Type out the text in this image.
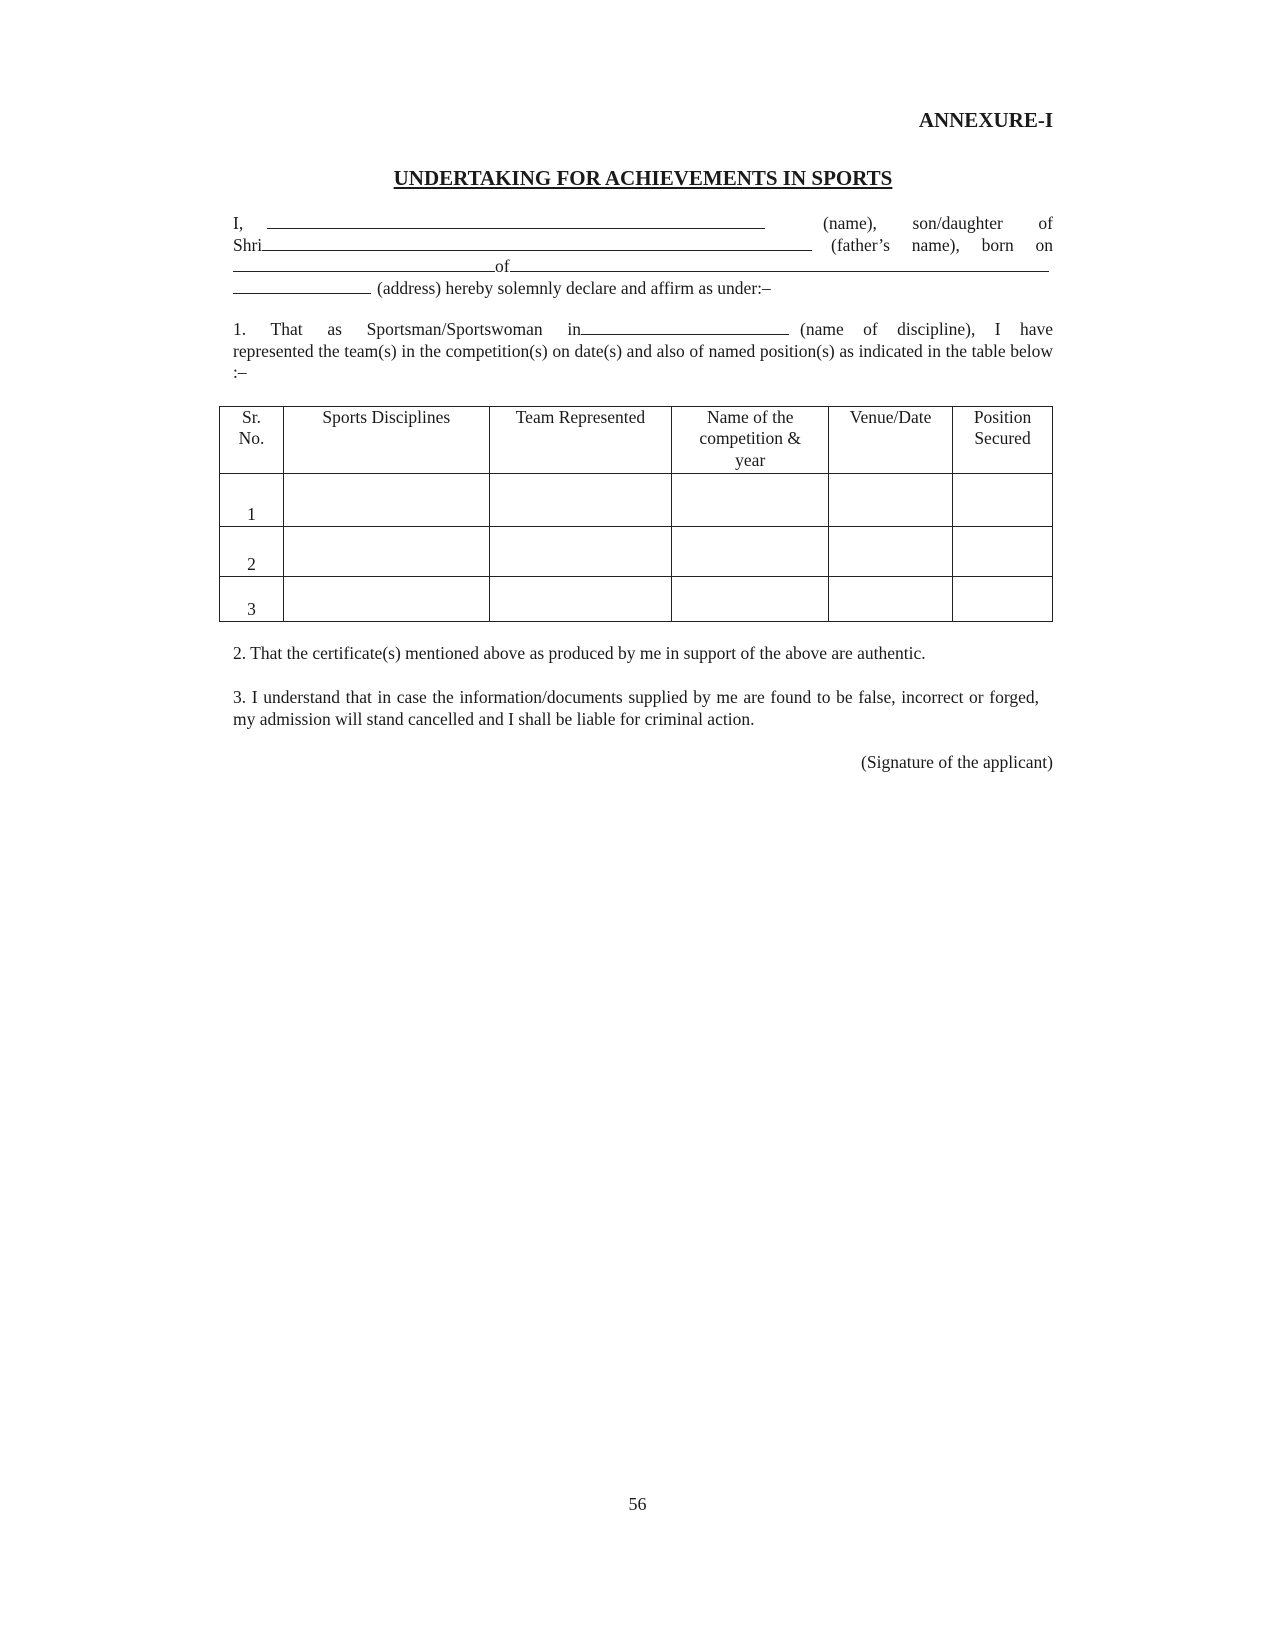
ANNEXURE-I

UNDERTAKING FOR ACHIEVEMENTS IN SPORTS
I,	(name), son/daughter of
Shri	(father’s name), born on
of
(address) hereby solemnly declare and affirm as under:–
1. That as Sportsman/Sportswoman in	(name of discipline), I have
represented the team(s) in the competition(s) on date(s) and also of named position(s) as indicated in the table below :–
Sr. No.	Sports Disciplines	Team Represented	Name of the competition & year	Venue/Date	Position Secured
1					
2					
3					
2. That the certificate(s) mentioned above as produced by me in support of the above are authentic.
3. I understand that in case the information/documents supplied by me are found to be false, incorrect or forged, my admission will stand cancelled and I shall be liable for criminal action.
(Signature of the applicant)
56
